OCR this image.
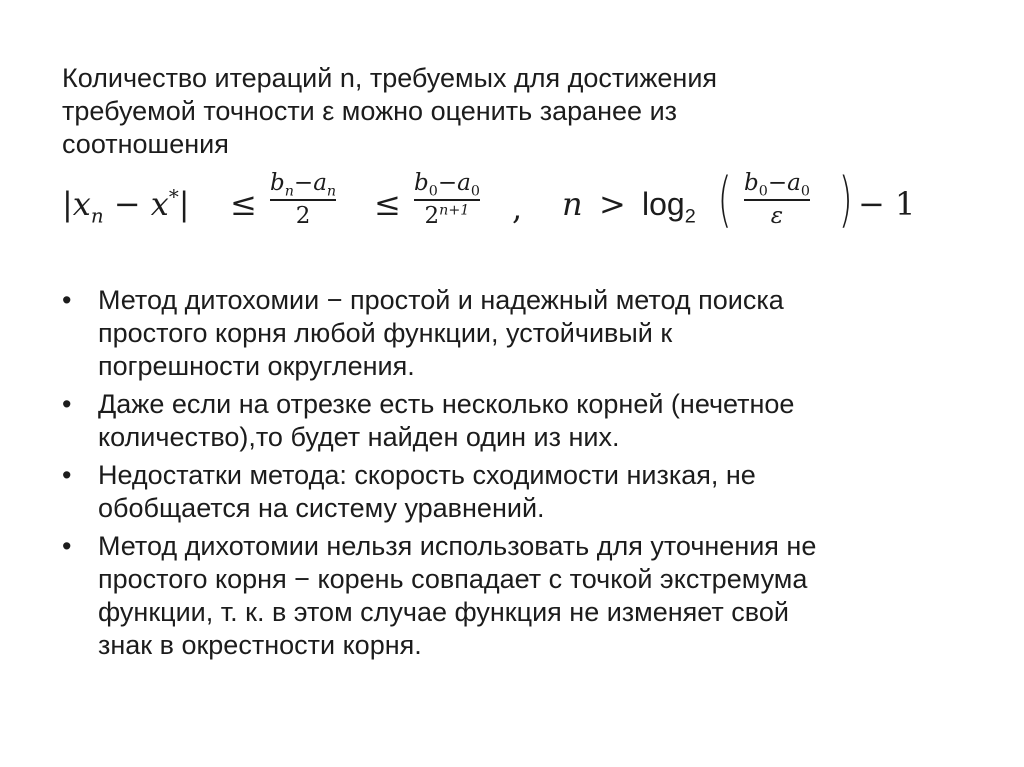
Количество итераций n, требуемых для достижения
требуемой точности ε можно оценить заранее из
соотношения
$|x_n - x^*|$ ≤
$b_n-a_n$
2	≤
$b_0-a_0$
$2^{n+1}$	, $n > \log_2$ ( $b_0-a_0$
ε ) − 1
• Метод дитохомии − простой и надежный метод поиска
простого корня любой функции, устойчивый к
погрешности округления.
• Даже если на отрезке есть несколько корней (нечетное
количество),то будет найден один из них.
• Недостатки метода: скорость сходимости низкая, не
обобщается на систему уравнений.
• Метод дихотомии нельзя использовать для уточнения не
простого корня − корень совпадает с точкой экстремума
функции, т. к. в этом случае функция не изменяет свой
знак в окрестности корня.
